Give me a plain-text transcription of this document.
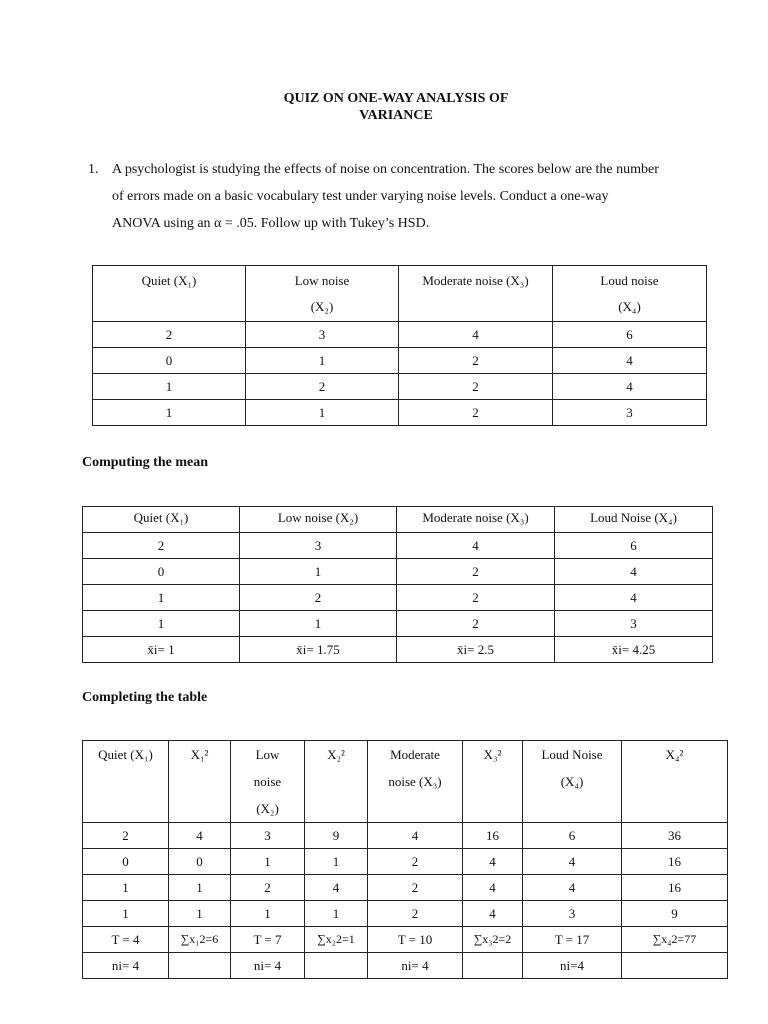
QUIZ ON ONE-WAY ANALYSIS OF
VARIANCE
1. A psychologist is studying the effects of noise on concentration. The scores below are the number

of errors made on a basic vocabulary test under varying noise levels. Conduct a one-way

ANOVA using an α = .05. Follow up with Tukey’s HSD.

Quiet (X₁)	Low noise
(X₂)	Moderate noise (X₃)	Loud noise
(X₄)
2	3	4	6
0	1	2	4
1	2	2	4
1	1	2	3
Computing the mean
Quiet (X₁)	Low noise (X₂)	Moderate noise (X₃)	Loud Noise (X₄)
2	3	4	6
0	1	2	4
1	2	2	4
1	1	2	3
x̄i= 1	x̄i= 1.75	x̄i= 2.5	x̄i= 4.25
Completing the table
Quiet (X₁)	X₁²	Low
noise
(X₂)	X₂²	Moderate
noise (X₃)	X₃²	Loud Noise
(X₄)	X₄²
2	4	3	9	4	16	6	36
0	0	1	1	2	4	4	16
1	1	2	4	2	4	4	16
1	1	1	1	2	4	3	9
T = 4	∑x₁2=6	T = 7	∑x₂2=1	T = 10	∑x₃2=2	T = 17	∑x₄2=77
ni= 4		ni= 4		ni= 4		ni=4	
